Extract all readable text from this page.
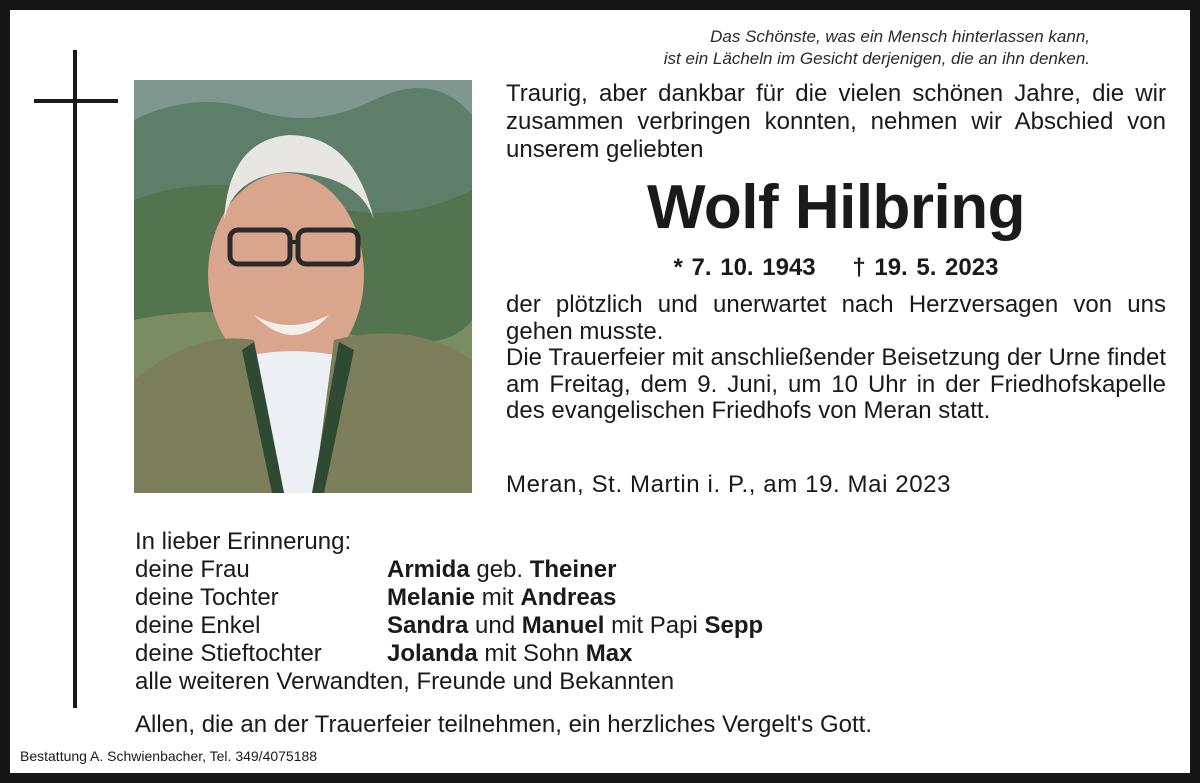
Das Schönste, was ein Mensch hinterlassen kann,
ist ein Lächeln im Gesicht derjenigen, die an ihn denken.
Traurig, aber dankbar für die vielen schönen Jahre, die wir zusammen verbringen konnten, nehmen wir Abschied von unserem geliebten
Wolf Hilbring
* 7. 10. 1943 † 19. 5. 2023
der plötzlich und unerwartet nach Herzversagen von uns gehen musste.
Die Trauerfeier mit anschließender Beisetzung der Urne findet am Freitag, dem 9. Juni, um 10 Uhr in der Friedhofskapelle des evangelischen Friedhofs von Meran statt.
Meran, St. Martin i. P., am 19. Mai 2023
In lieber Erinnerung:
deine Frau	Armida geb. Theiner
deine Tochter	Melanie mit Andreas
deine Enkel	Sandra und Manuel mit Papi Sepp
deine Stieftochter	Jolanda mit Sohn Max
alle weiteren Verwandten, Freunde und Bekannten
Allen, die an der Trauerfeier teilnehmen, ein herzliches Vergelt's Gott.
Bestattung A. Schwienbacher, Tel. 349/4075188
